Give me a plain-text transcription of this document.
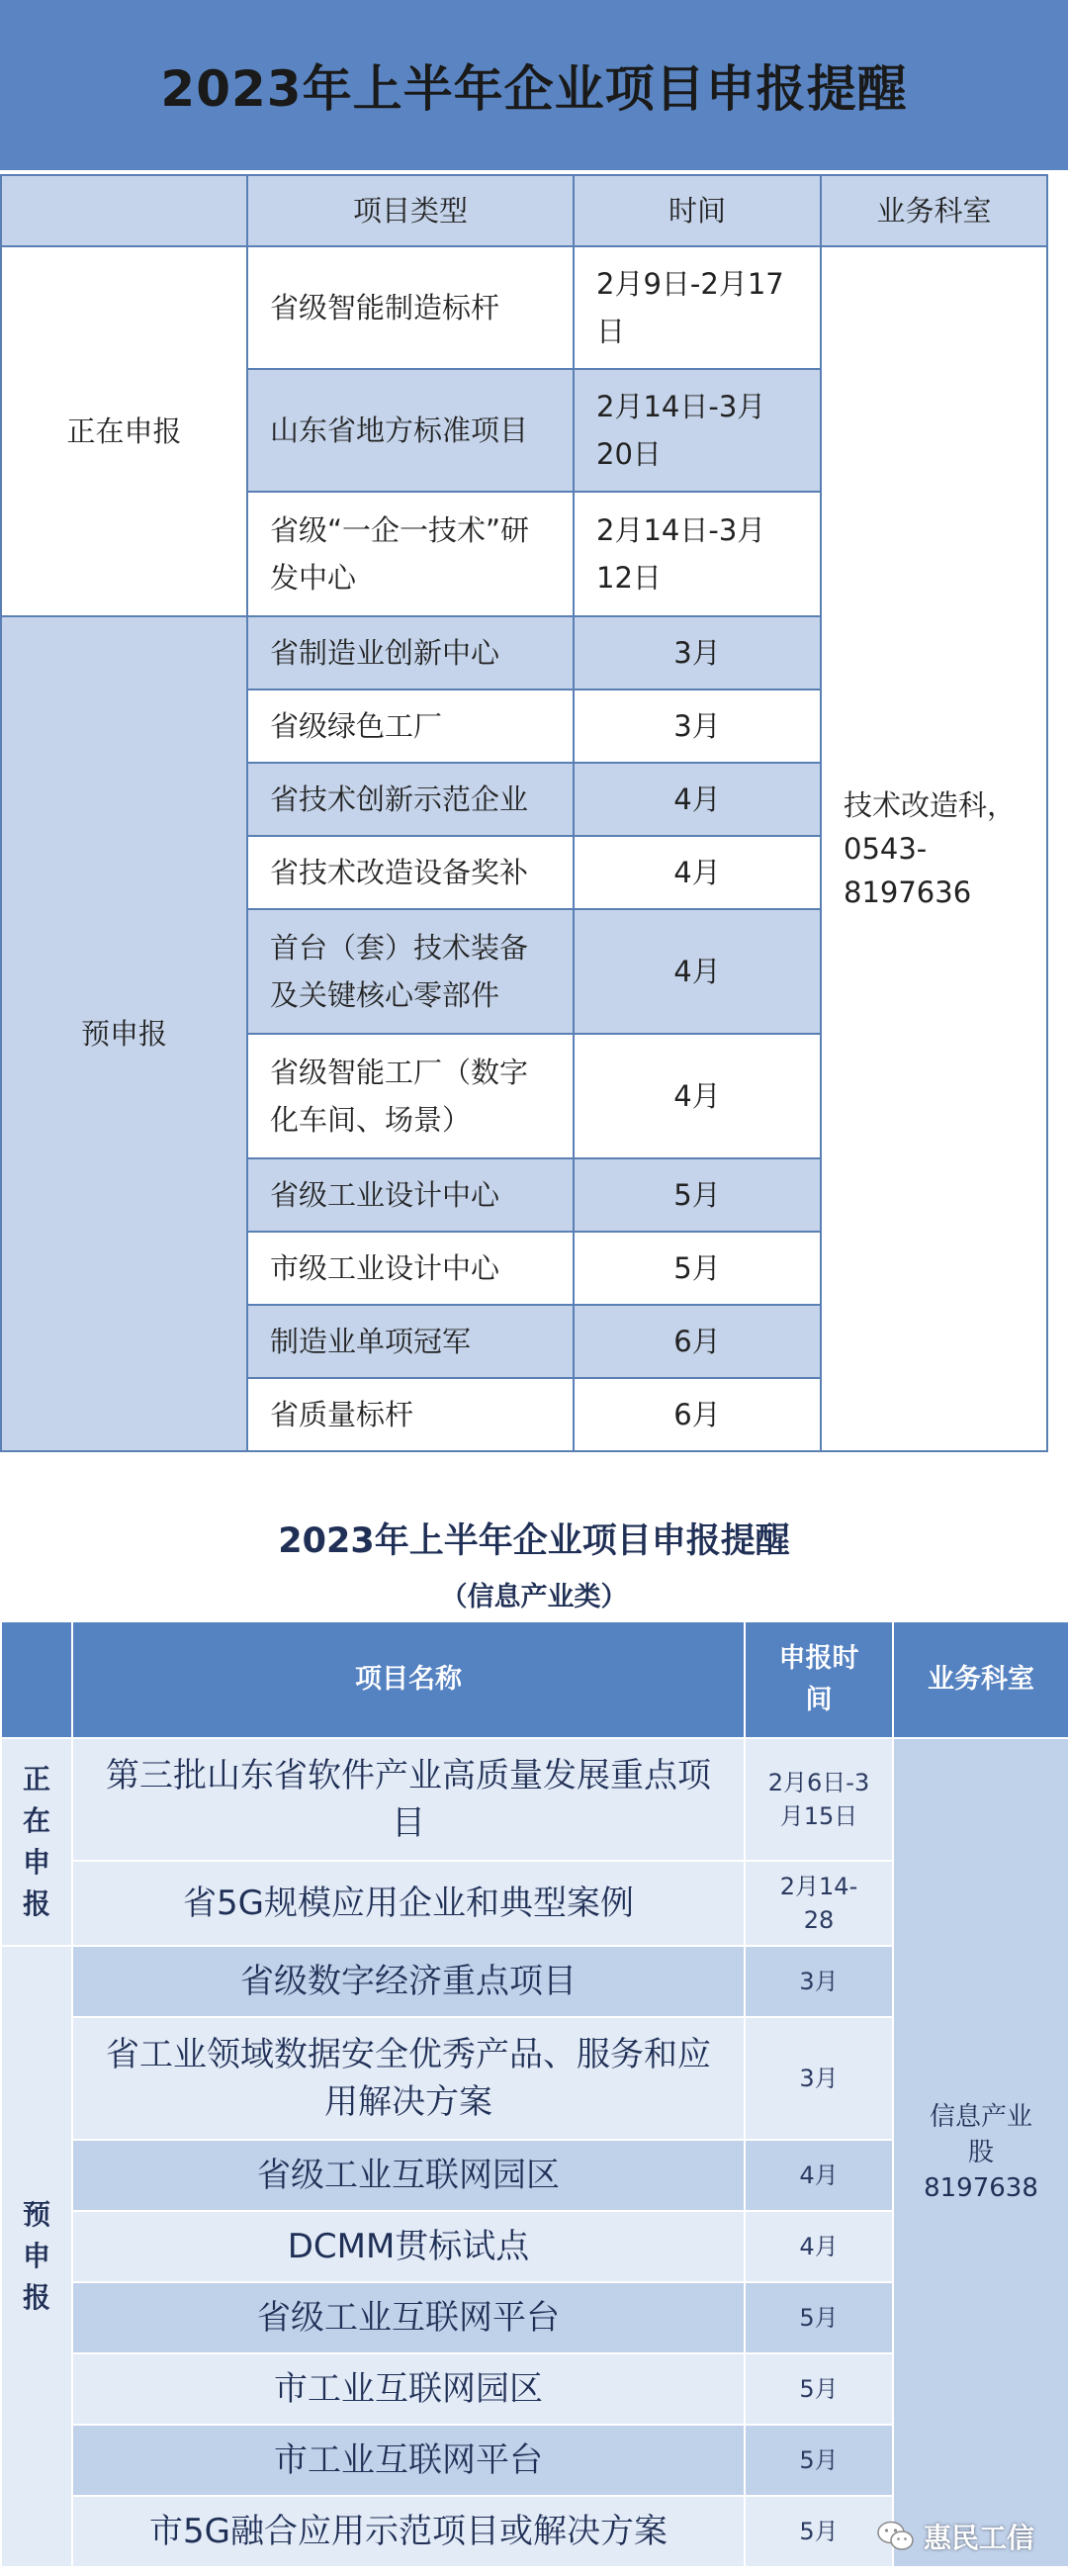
2023年上半年企业项目申报提醒
	项目类型	时间	业务科室
正在申报	省级智能制造标杆	2月9日-2月17日	技术改造科，
0543-8197636

	山东省地方标准项目	2月14日-3月20日	
	省级“一企一技术”研发中心	2月14日-3月12日	
预申报	省制造业创新中心	3月	
	省级绿色工厂	3月	
	省技术创新示范企业	4月	
	省技术改造设备奖补	4月	
	首台（套）技术装备及关键核心零部件	4月	
	省级智能工厂（数字化车间、场景）	4月	
	省级工业设计中心	5月	
	市级工业设计中心	5月	
	制造业单项冠军	6月	
	省质量标杆	6月	
2023年上半年企业项目申报提醒
（信息产业类）
	项目名称	申报时间	业务科室
正在申报	第三批山东省软件产业高质量发展重点项目	2月6日-3月15日	信息产业
股
8197638

	省5G规模应用企业和典型案例	2月14-28	
预申报	省级数字经济重点项目	3月	
	省工业领域数据安全优秀产品、服务和应用解决方案	3月	
	省级工业互联网园区	4月	
	DCMM贯标试点	4月	
	省级工业互联网平台	5月	
	市工业互联网园区	5月	
	市工业互联网平台	5月	
	市5G融合应用示范项目或解决方案	5月		惠民工信
